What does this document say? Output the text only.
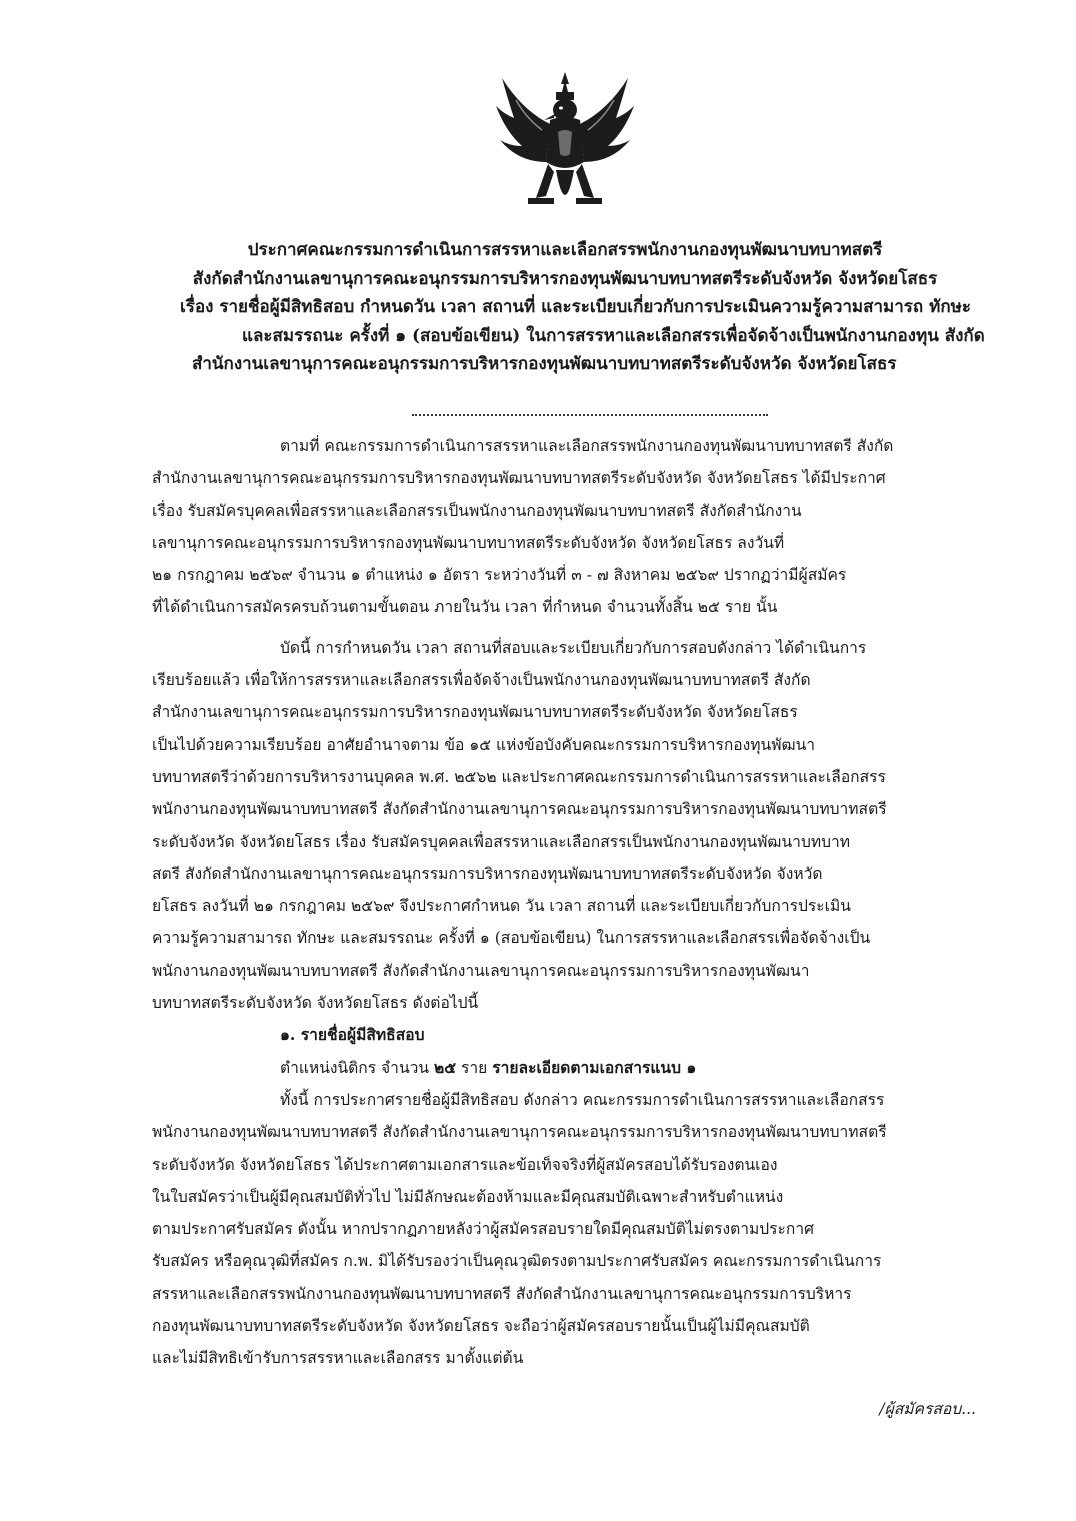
ประกาศคณะกรรมการดำเนินการสรรหาและเลือกสรรพนักงานกองทุนพัฒนาบทบาทสตรี
สังกัดสำนักงานเลขานุการคณะอนุกรรมการบริหารกองทุนพัฒนาบทบาทสตรีระดับจังหวัด จังหวัดยโสธร
เรื่อง รายชื่อผู้มีสิทธิสอบ กำหนดวัน เวลา สถานที่ และระเบียบเกี่ยวกับการประเมินความรู้ความสามารถ ทักษะ
และสมรรถนะ ครั้งที่ ๑ (สอบข้อเขียน) ในการสรรหาและเลือกสรรเพื่อจัดจ้างเป็นพนักงานกองทุน สังกัด
สำนักงานเลขานุการคณะอนุกรรมการบริหารกองทุนพัฒนาบทบาทสตรีระดับจังหวัด จังหวัดยโสธร
ตามที่ คณะกรรมการดำเนินการสรรหาและเลือกสรรพนักงานกองทุนพัฒนาบทบาทสตรี สังกัด
สำนักงานเลขานุการคณะอนุกรรมการบริหารกองทุนพัฒนาบทบาทสตรีระดับจังหวัด จังหวัดยโสธร ได้มีประกาศ
เรื่อง รับสมัครบุคคลเพื่อสรรหาและเลือกสรรเป็นพนักงานกองทุนพัฒนาบทบาทสตรี สังกัดสำนักงาน
เลขานุการคณะอนุกรรมการบริหารกองทุนพัฒนาบทบาทสตรีระดับจังหวัด จังหวัดยโสธร ลงวันที่
๒๑ กรกฎาคม ๒๕๖๙ จำนวน ๑ ตำแหน่ง ๑ อัตรา ระหว่างวันที่ ๓ - ๗ สิงหาคม ๒๕๖๙ ปรากฏว่ามีผู้สมัคร
ที่ได้ดำเนินการสมัครครบถ้วนตามขั้นตอน ภายในวัน เวลา ที่กำหนด จำนวนทั้งสิ้น ๒๕ ราย นั้น
บัดนี้ การกำหนดวัน เวลา สถานที่สอบและระเบียบเกี่ยวกับการสอบดังกล่าว ได้ดำเนินการ
เรียบร้อยแล้ว เพื่อให้การสรรหาและเลือกสรรเพื่อจัดจ้างเป็นพนักงานกองทุนพัฒนาบทบาทสตรี สังกัด
สำนักงานเลขานุการคณะอนุกรรมการบริหารกองทุนพัฒนาบทบาทสตรีระดับจังหวัด จังหวัดยโสธร
เป็นไปด้วยความเรียบร้อย อาศัยอำนาจตาม ข้อ ๑๕ แห่งข้อบังคับคณะกรรมการบริหารกองทุนพัฒนา
บทบาทสตรีว่าด้วยการบริหารงานบุคคล พ.ศ. ๒๕๖๒ และประกาศคณะกรรมการดำเนินการสรรหาและเลือกสรร
พนักงานกองทุนพัฒนาบทบาทสตรี สังกัดสำนักงานเลขานุการคณะอนุกรรมการบริหารกองทุนพัฒนาบทบาทสตรี
ระดับจังหวัด จังหวัดยโสธร เรื่อง รับสมัครบุคคลเพื่อสรรหาและเลือกสรรเป็นพนักงานกองทุนพัฒนาบทบาท
สตรี สังกัดสำนักงานเลขานุการคณะอนุกรรมการบริหารกองทุนพัฒนาบทบาทสตรีระดับจังหวัด จังหวัด
ยโสธร ลงวันที่ ๒๑ กรกฎาคม ๒๕๖๙ จึงประกาศกำหนด วัน เวลา สถานที่ และระเบียบเกี่ยวกับการประเมิน
ความรู้ความสามารถ ทักษะ และสมรรถนะ ครั้งที่ ๑ (สอบข้อเขียน) ในการสรรหาและเลือกสรรเพื่อจัดจ้างเป็น
พนักงานกองทุนพัฒนาบทบาทสตรี สังกัดสำนักงานเลขานุการคณะอนุกรรมการบริหารกองทุนพัฒนา
บทบาทสตรีระดับจังหวัด จังหวัดยโสธร ดังต่อไปนี้
๑. รายชื่อผู้มีสิทธิสอบ
ตำแหน่งนิติกร จำนวน ๒๕ ราย รายละเอียดตามเอกสารแนบ ๑
ทั้งนี้ การประกาศรายชื่อผู้มีสิทธิสอบ ดังกล่าว คณะกรรมการดำเนินการสรรหาและเลือกสรร
พนักงานกองทุนพัฒนาบทบาทสตรี สังกัดสำนักงานเลขานุการคณะอนุกรรมการบริหารกองทุนพัฒนาบทบาทสตรี
ระดับจังหวัด จังหวัดยโสธร ได้ประกาศตามเอกสารและข้อเท็จจริงที่ผู้สมัครสอบได้รับรองตนเอง
ในใบสมัครว่าเป็นผู้มีคุณสมบัติทั่วไป ไม่มีลักษณะต้องห้ามและมีคุณสมบัติเฉพาะสำหรับตำแหน่ง
ตามประกาศรับสมัคร ดังนั้น หากปรากฏภายหลังว่าผู้สมัครสอบรายใดมีคุณสมบัติไม่ตรงตามประกาศ
รับสมัคร หรือคุณวุฒิที่สมัคร ก.พ. มิได้รับรองว่าเป็นคุณวุฒิตรงตามประกาศรับสมัคร คณะกรรมการดำเนินการ
สรรหาและเลือกสรรพนักงานกองทุนพัฒนาบทบาทสตรี สังกัดสำนักงานเลขานุการคณะอนุกรรมการบริหาร
กองทุนพัฒนาบทบาทสตรีระดับจังหวัด จังหวัดยโสธร จะถือว่าผู้สมัครสอบรายนั้นเป็นผู้ไม่มีคุณสมบัติ
และไม่มีสิทธิเข้ารับการสรรหาและเลือกสรร มาตั้งแต่ต้น
/ผู้สมัครสอบ...
